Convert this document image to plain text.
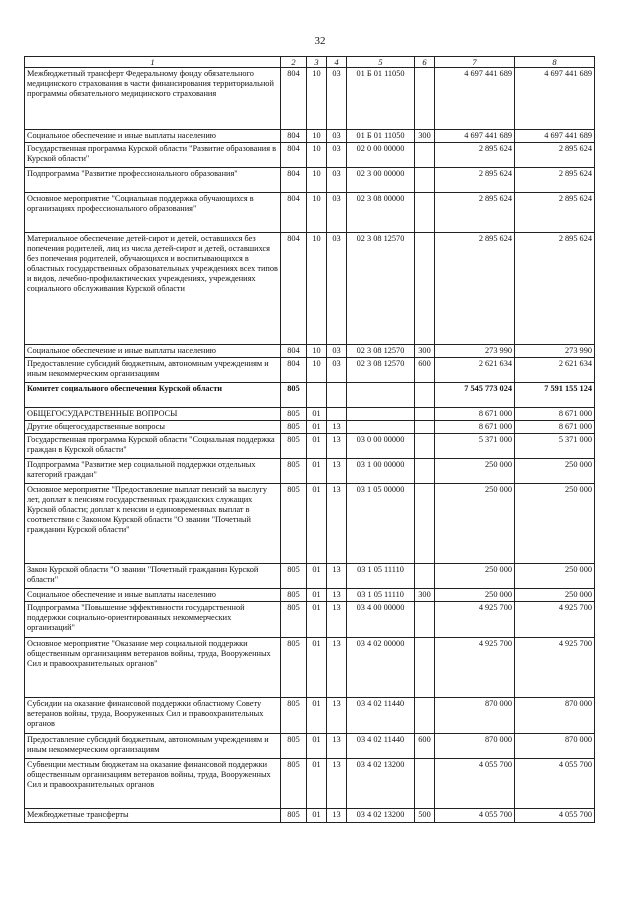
32
1	2	3	4	5	6	7	8
Межбюджетный трансферт Федеральному фонду обязательного медицинского страхования в части финансирования территориальной программы обязательного медицинского страхования	804	10	03	01 Б 01 11050		4 697 441 689	4 697 441 689
Социальное обеспечение и иные выплаты населению	804	10	03	01 Б 01 11050	300	4 697 441 689	4 697 441 689
Государственная программа Курской области "Развитие образования в Курской области"	804	10	03	02 0 00 00000		2 895 624	2 895 624
Подпрограмма "Развитие профессионального образования"	804	10	03	02 3 00 00000		2 895 624	2 895 624
Основное мероприятие "Социальная поддержка обучающихся в организациях профессионального образования"	804	10	03	02 3 08 00000		2 895 624	2 895 624
Материальное обеспечение детей-сирот и детей, оставшихся без попечения родителей, лиц из числа детей-сирот и детей, оставшихся без попечения родителей, обучающихся и воспитывающихся в областных государственных образовательных учреждениях всех типов и видов, лечебно-профилактических учреждениях, учреждениях социального обслуживания Курской области	804	10	03	02 3 08 12570		2 895 624	2 895 624
Социальное обеспечение и иные выплаты населению	804	10	03	02 3 08 12570	300	273 990	273 990
Предоставление субсидий бюджетным, автономным учреждениям и иным некоммерческим организациям	804	10	03	02 3 08 12570	600	2 621 634	2 621 634
Комитет социального обеспечения Курской области	805					7 545 773 024	7 591 155 124
ОБЩЕГОСУДАРСТВЕННЫЕ ВОПРОСЫ	805	01				8 671 000	8 671 000
Другие общегосударственные вопросы	805	01	13			8 671 000	8 671 000
Государственная программа Курской области "Социальная поддержка граждан в Курской области"	805	01	13	03 0 00 00000		5 371 000	5 371 000
Подпрограмма "Развитие мер социальной поддержки отдельных категорий граждан"	805	01	13	03 1 00 00000		250 000	250 000
Основное мероприятие "Предоставление выплат пенсий за выслугу лет, доплат к пенсиям государственных гражданских служащих Курской области; доплат к пенсии и единовременных выплат в соответствии с Законом Курской области "О звании "Почетный гражданин Курской области"	805	01	13	03 1 05 00000		250 000	250 000
Закон Курской области "О звании "Почетный гражданин Курской области"	805	01	13	03 1 05 11110		250 000	250 000
Социальное обеспечение и иные выплаты населению	805	01	13	03 1 05 11110	300	250 000	250 000
Подпрограмма "Повышение эффективности государственной поддержки социально-ориентированных некоммерческих организаций"	805	01	13	03 4 00 00000		4 925 700	4 925 700
Основное мероприятие "Оказание мер социальной поддержки общественным организациям ветеранов войны, труда, Вооруженных Сил и правоохранительных органов"	805	01	13	03 4 02 00000		4 925 700	4 925 700
Субсидии на оказание финансовой поддержки областному Совету ветеранов войны, труда, Вооруженных Сил и правоохранительных органов	805	01	13	03 4 02 11440		870 000	870 000
Предоставление субсидий бюджетным, автономным учреждениям и иным некоммерческим организациям	805	01	13	03 4 02 11440	600	870 000	870 000
Субвенции местным бюджетам на оказание финансовой поддержки общественным организациям ветеранов войны, труда, Вооруженных Сил и правоохранительных органов	805	01	13	03 4 02 13200		4 055 700	4 055 700
Межбюджетные трансферты	805	01	13	03 4 02 13200	500	4 055 700	4 055 700
